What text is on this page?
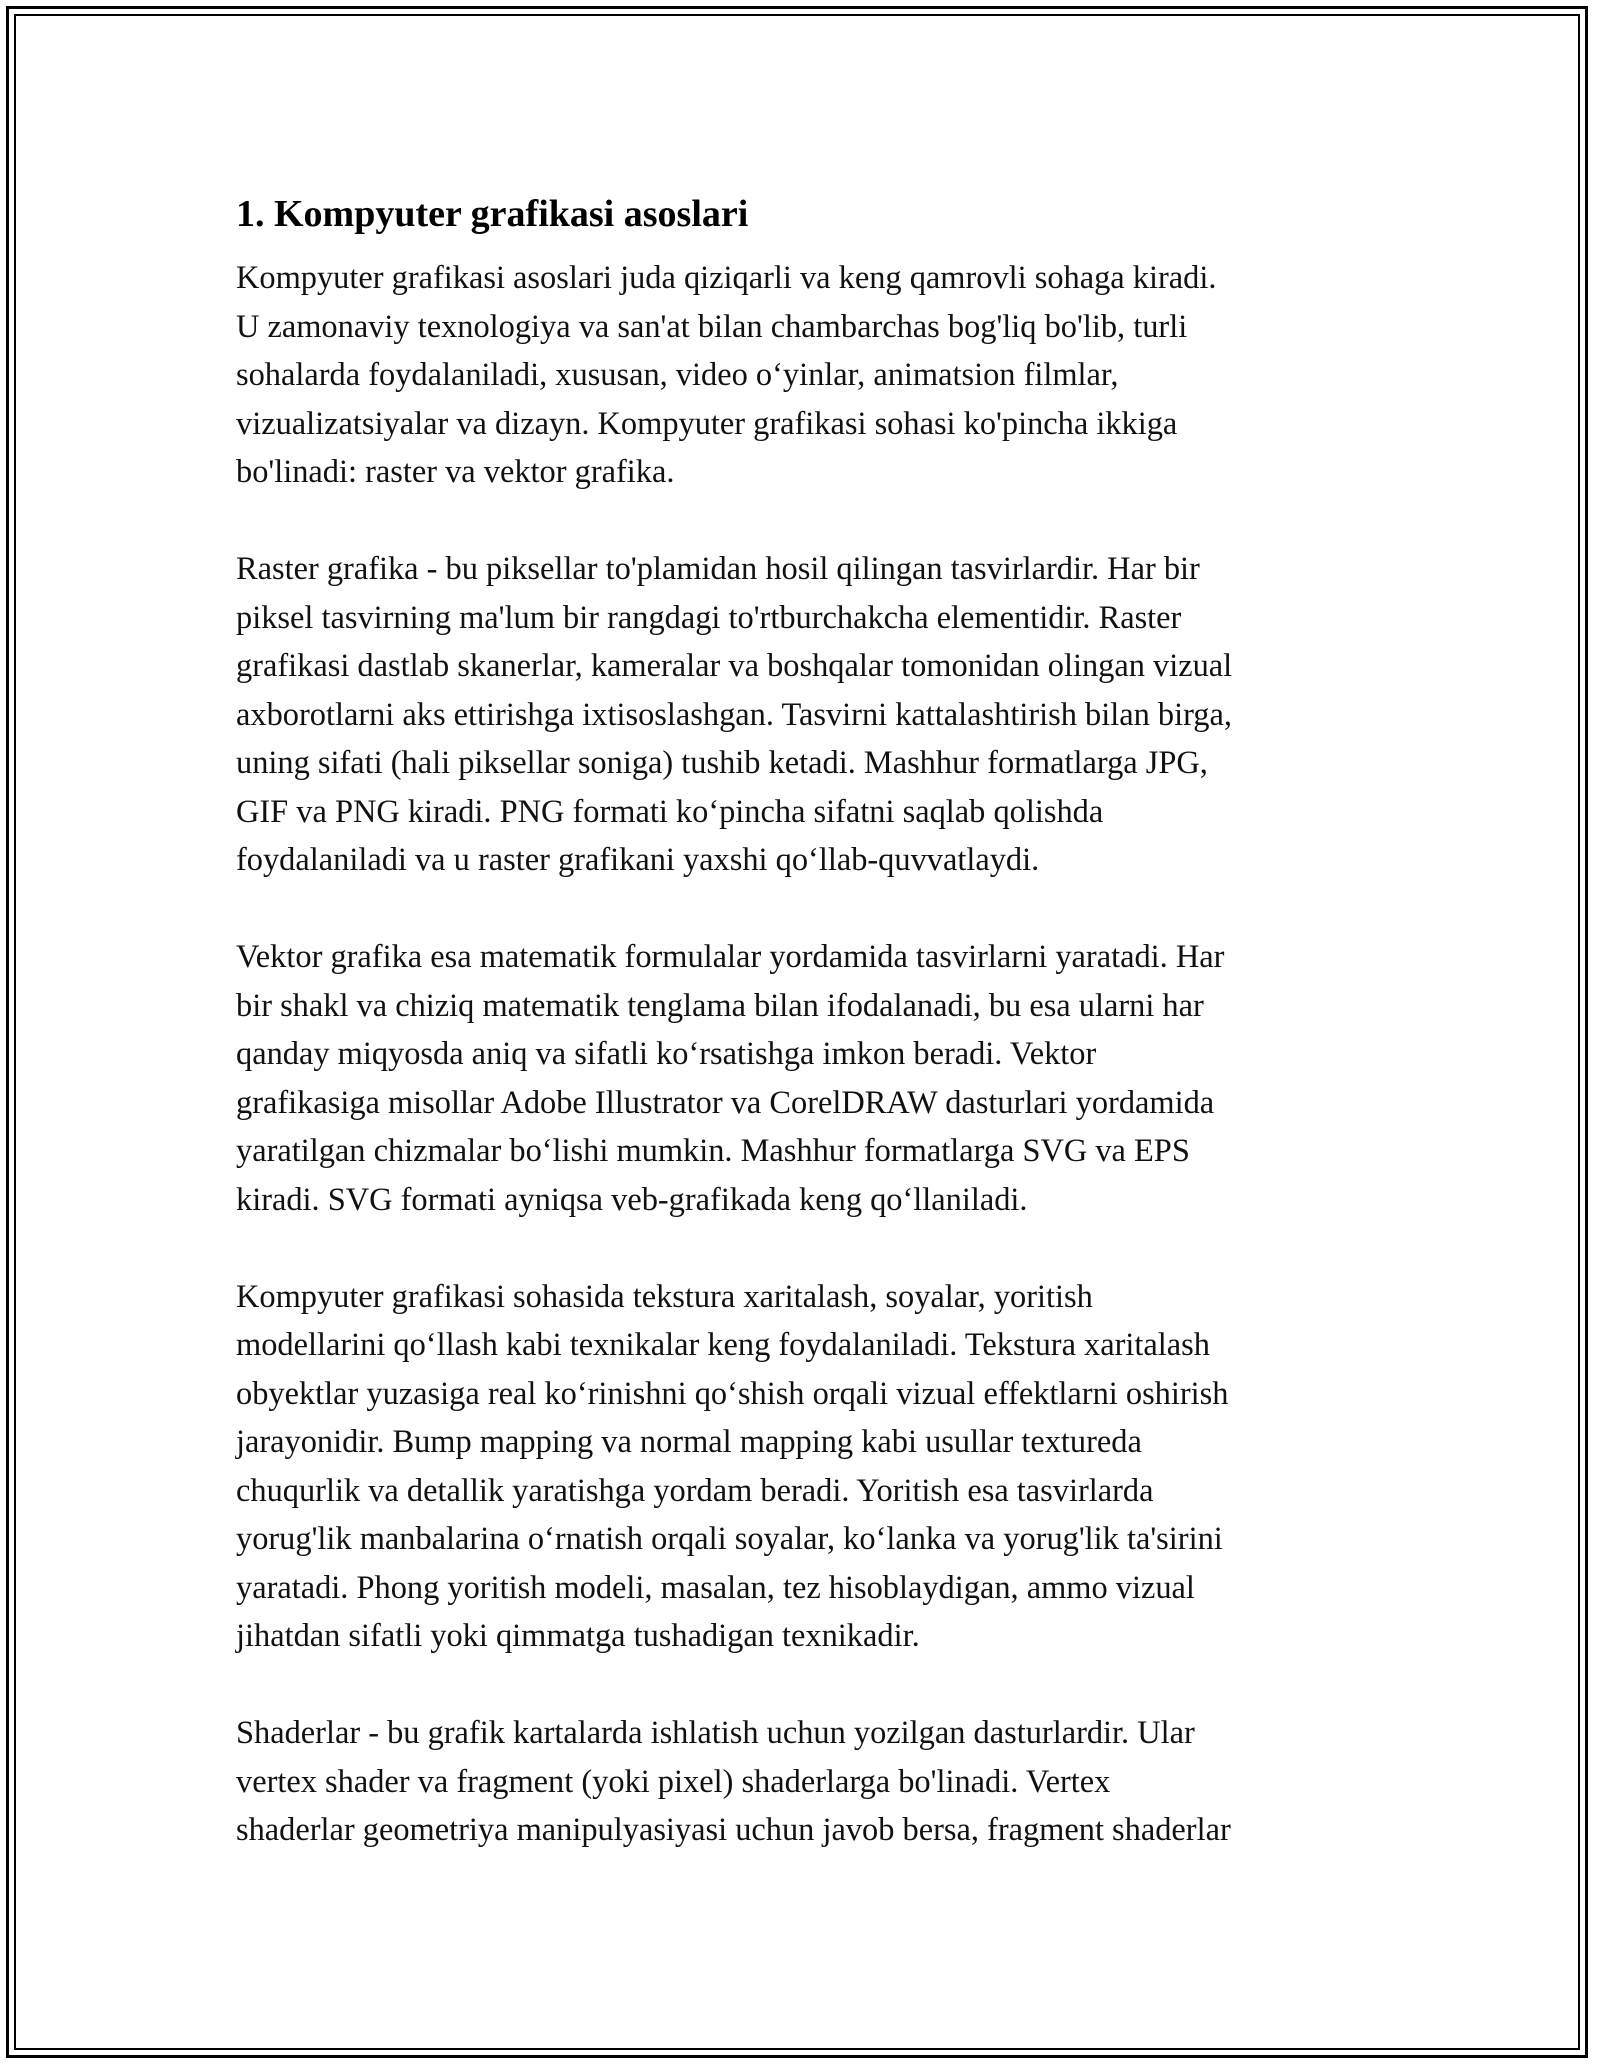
1. Kompyuter grafikasi asoslari

Kompyuter grafikasi asoslari juda qiziqarli va keng qamrovli sohaga kiradi.
U zamonaviy texnologiya va san'at bilan chambarchas bog'liq bo'lib, turli
sohalarda foydalaniladi, xususan, video oʻyinlar, animatsion filmlar,
vizualizatsiyalar va dizayn. Kompyuter grafikasi sohasi ko'pincha ikkiga
bo'linadi: raster va vektor grafika.

Raster grafika - bu piksellar to'plamidan hosil qilingan tasvirlardir. Har bir
piksel tasvirning ma'lum bir rangdagi to'rtburchakcha elementidir. Raster
grafikasi dastlab skanerlar, kameralar va boshqalar tomonidan olingan vizual
axborotlarni aks ettirishga ixtisoslashgan. Tasvirni kattalashtirish bilan birga,
uning sifati (hali piksellar soniga) tushib ketadi. Mashhur formatlarga JPG,
GIF va PNG kiradi. PNG formati koʻpincha sifatni saqlab qolishda
foydalaniladi va u raster grafikani yaxshi qoʻllab-quvvatlaydi.

Vektor grafika esa matematik formulalar yordamida tasvirlarni yaratadi. Har
bir shakl va chiziq matematik tenglama bilan ifodalanadi, bu esa ularni har
qanday miqyosda aniq va sifatli koʻrsatishga imkon beradi. Vektor
grafikasiga misollar Adobe Illustrator va CorelDRAW dasturlari yordamida
yaratilgan chizmalar boʻlishi mumkin. Mashhur formatlarga SVG va EPS
kiradi. SVG formati ayniqsa veb-grafikada keng qoʻllaniladi.

Kompyuter grafikasi sohasida tekstura xaritalash, soyalar, yoritish
modellarini qoʻllash kabi texnikalar keng foydalaniladi. Tekstura xaritalash
obyektlar yuzasiga real koʻrinishni qoʻshish orqali vizual effektlarni oshirish
jarayonidir. Bump mapping va normal mapping kabi usullar textureda
chuqurlik va detallik yaratishga yordam beradi. Yoritish esa tasvirlarda
yorug'lik manbalarina oʻrnatish orqali soyalar, koʻlanka va yorug'lik ta'sirini
yaratadi. Phong yoritish modeli, masalan, tez hisoblaydigan, ammo vizual
jihatdan sifatli yoki qimmatga tushadigan texnikadir.

Shaderlar - bu grafik kartalarda ishlatish uchun yozilgan dasturlardir. Ular
vertex shader va fragment (yoki pixel) shaderlarga bo'linadi. Vertex
shaderlar geometriya manipulyasiyasi uchun javob bersa, fragment shaderlar
